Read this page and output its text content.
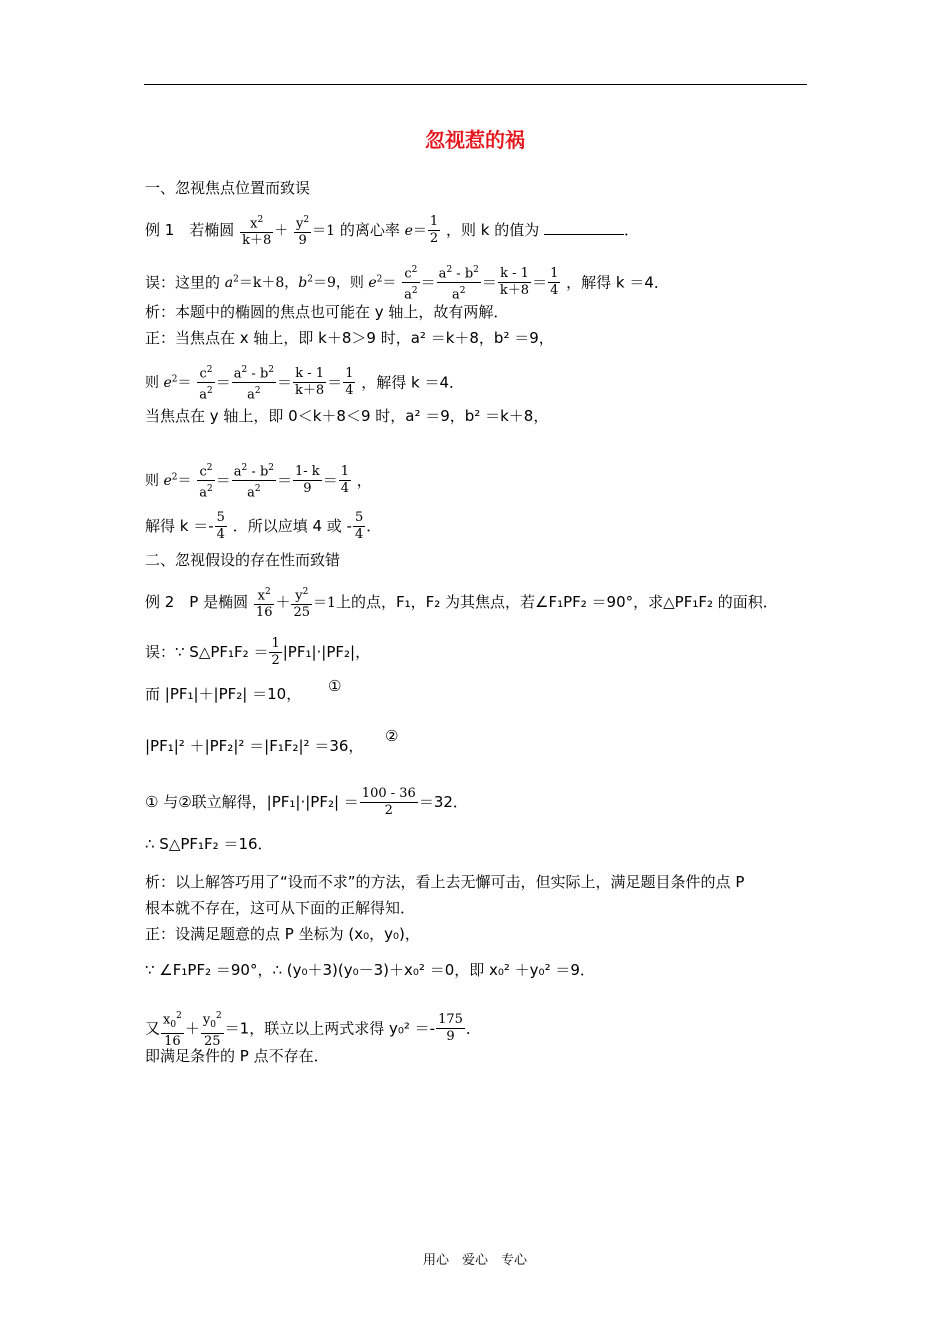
忽视惹的祸
一、忽视焦点位置而致误
例 1　若椭圆 $\frac{x^2}{k+8} + \frac{y^2}{9} =1$ 的离心率 $e= \frac{1}{2}$ ，则 k 的值为	．
误：这里的 $a^2=k+8$，$b^2=9$，则 $e^2= \frac{c^2}{a^2} = \frac{a^2 - b^2}{a^2} = \frac{k - 1}{k+8} = \frac{1}{4}$ ，解得 k ＝4．
析：本题中的椭圆的焦点也可能在 y 轴上，故有两解．
正：当焦点在 x 轴上，即 k＋8＞9 时，a² ＝k＋8，b² ＝9，
则 $e^2= \frac{c^2}{a^2} = \frac{a^2 - b^2}{a^2} = \frac{k - 1}{k+8} = \frac{1}{4}$ ，解得 k ＝4．
当焦点在 y 轴上，即 0＜k＋8＜9 时，a² ＝9，b² ＝k＋8，
则 $e^2= \frac{c^2}{a^2} = \frac{a^2 - b^2}{a^2} = \frac{1- k}{9} = \frac{1}{4}$ ，
解得 $k =- \frac{5}{4}$ ．所以应填 4 或 - $\frac{5}{4}$ ．
二、忽视假设的存在性而致错
例 2　P 是椭圆 $\frac{x^2}{16} + \frac{y^2}{25} =1$上的点，F₁，F₂ 为其焦点，若∠F₁PF₂ ＝90°，求△PF₁F₂ 的面积．
误：∵ S△PF₁F₂ ＝ $\frac{1}{2} |PF_1|\cdot|PF_2|$，
而 |PF₁|＋|PF₂| ＝10， ①
|PF₁|² ＋|PF₂|² ＝|F₁F₂|² ＝36，
②
① 与②联立解得，$|PF_1|\cdot|PF_2| = \frac{100 - 36}{2} =32$．
∴ S△PF₁F₂ ＝16．
析：以上解答巧用了“设而不求”的方法，看上去无懈可击，但实际上，满足题目条件的点 P
根本就不存在，这可从下面的正解得知．
正：设满足题意的点 P 坐标为 (x₀，y₀)，
∵ ∠F₁PF₂ ＝90°，∴ (y₀＋3)(y₀－3)＋x₀² ＝0，即 x₀² ＋y₀² ＝9．
又 $\frac{x_0^2}{16} + \frac{y_0^2}{25} =1$，联立以上两式求得 $y_0^2 =- \frac{175}{9}$ ．
即满足条件的 P 点不存在．
用心　爱心　专心
